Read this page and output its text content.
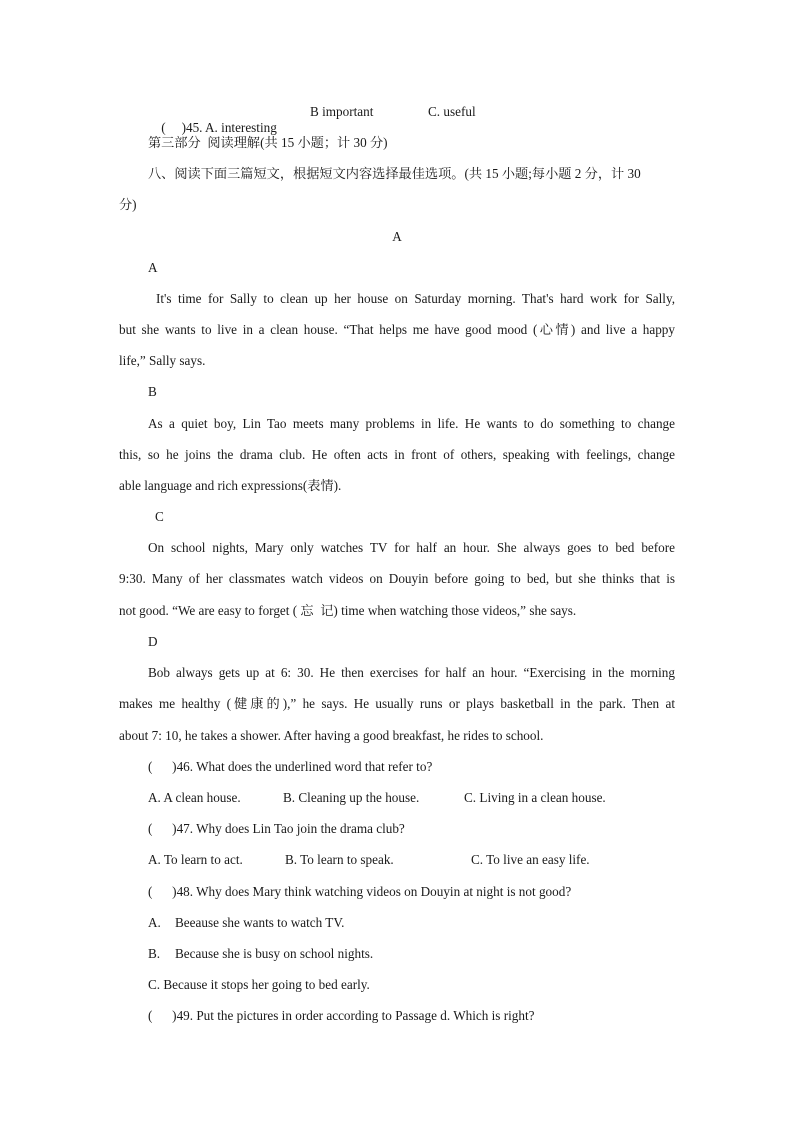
( )45. A. interesting

B important	C. useful
第三部分  阅读理解(共 15 小题；计 30 分)
八、阅读下面三篇短文，根据短文内容选择最佳选项。(共 15 小题;每小题 2 分，计 30
分)
A
A
It's time for Sally to clean up her house on Saturday morning. That's hard work for Sally,
but she wants to live in a clean house. “That helps me have good mood (心情) and live a happy
life,” Sally says.
B
As a quiet boy, Lin Tao meets many problems in life. He wants to do something to change
this, so he joins the drama club. He often acts in front of others, speaking with feelings, change
able language and rich expressions(表情).
C
On school nights, Mary only watches TV for half an hour. She always goes to bed before
9:30. Many of her classmates watch videos on Douyin before going to bed, but she thinks that is
not good. “We are easy to forget ( 忘  记) time when watching those videos,” she says.
D
Bob always gets up at 6: 30. He then exercises for half an hour. “Exercising in the morning
makes me healthy (健康的),” he says. He usually runs or plays basketball in the park. Then at
about 7: 10, he takes a shower. After having a good breakfast, he rides to school.
(      )46. What does the underlined word that refer to?
A. A clean house.	B. Cleaning up the house.	C. Living in a clean house.
(      )47. Why does Lin Tao join the drama club?
A. To learn to act.	B. To learn to speak.	C. To live an easy life.
(      )48. Why does Mary think watching videos on Douyin at night is not good?
A. Beeause she wants to watch TV.
B. Because she is busy on school nights.
C. Because it stops her going to bed early.
(      )49. Put the pictures in order according to Passage d. Which is right?
